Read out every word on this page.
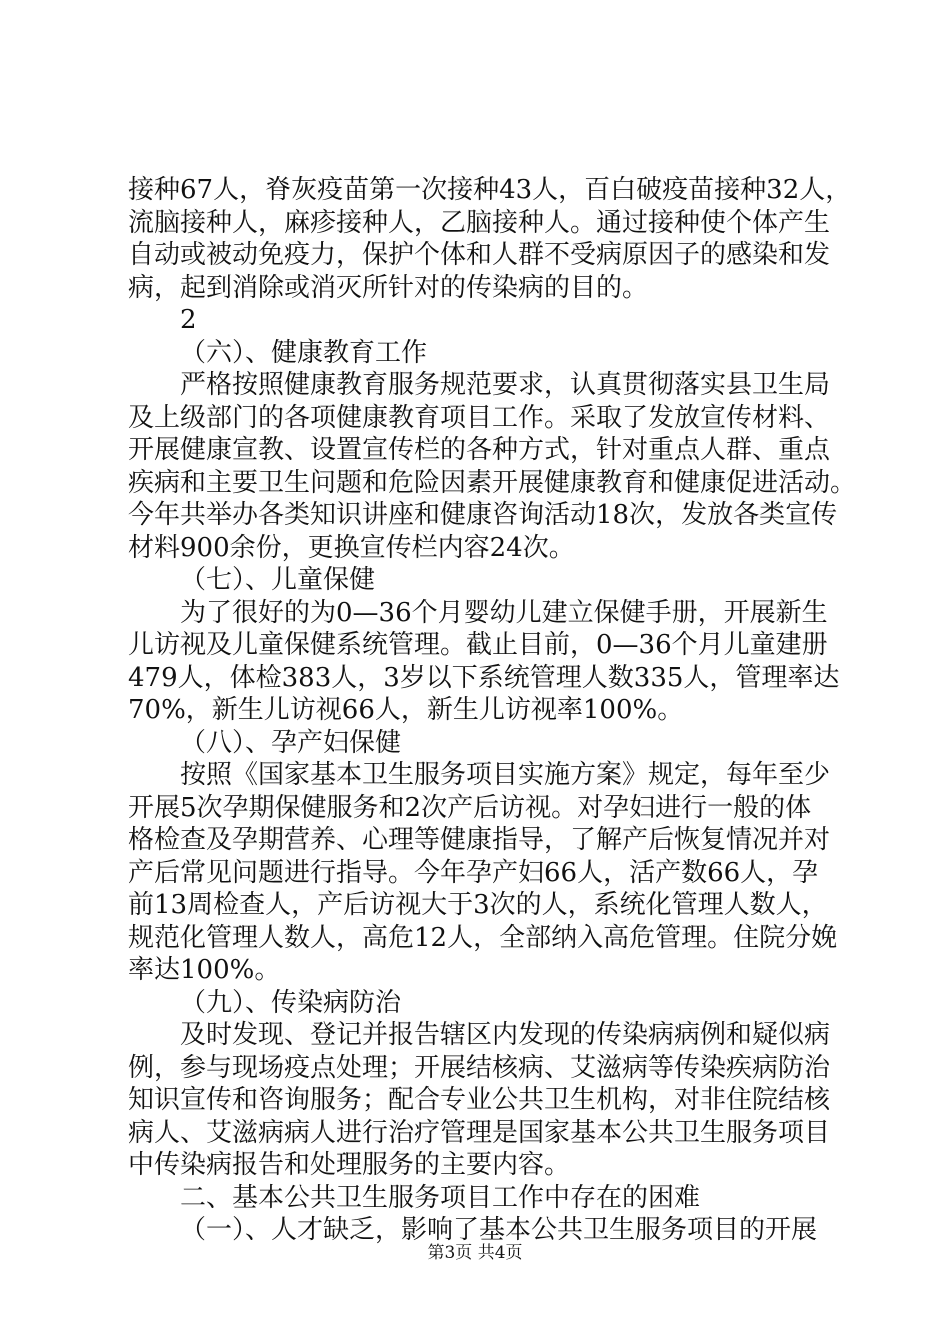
接种67人，脊灰疫苗第一次接种43人，百白破疫苗接种32人，
流脑接种人，麻疹接种人，乙脑接种人。通过接种使个体产生
自动或被动免疫力，保护个体和人群不受病原因子的感染和发
病，起到消除或消灭所针对的传染病的目的。
2
（六）、健康教育工作
严格按照健康教育服务规范要求，认真贯彻落实县卫生局
及上级部门的各项健康教育项目工作。采取了发放宣传材料、
开展健康宣教、设置宣传栏的各种方式，针对重点人群、重点
疾病和主要卫生问题和危险因素开展健康教育和健康促进活动。
今年共举办各类知识讲座和健康咨询活动18次，发放各类宣传
材料900余份，更换宣传栏内容24次。
（七）、儿童保健
为了很好的为0—36个月婴幼儿建立保健手册，开展新生
儿访视及儿童保健系统管理。截止目前，0—36个月儿童建册
479人，体检383人，3岁以下系统管理人数335人，管理率达
70%，新生儿访视66人，新生儿访视率100%。
（八）、孕产妇保健
按照《国家基本卫生服务项目实施方案》规定，每年至少
开展5次孕期保健服务和2次产后访视。对孕妇进行一般的体
格检查及孕期营养、心理等健康指导，了解产后恢复情况并对
产后常见问题进行指导。今年孕产妇66人，活产数66人，孕
前13周检查人，产后访视大于3次的人，系统化管理人数人，
规范化管理人数人，高危12人，全部纳入高危管理。住院分娩
率达100%。
（九）、传染病防治
及时发现、登记并报告辖区内发现的传染病病例和疑似病
例，参与现场疫点处理；开展结核病、艾滋病等传染疾病防治
知识宣传和咨询服务；配合专业公共卫生机构，对非住院结核
病人、艾滋病病人进行治疗管理是国家基本公共卫生服务项目
中传染病报告和处理服务的主要内容。
二、基本公共卫生服务项目工作中存在的困难
（一）、人才缺乏，影响了基本公共卫生服务项目的开展
第3页 共4页
